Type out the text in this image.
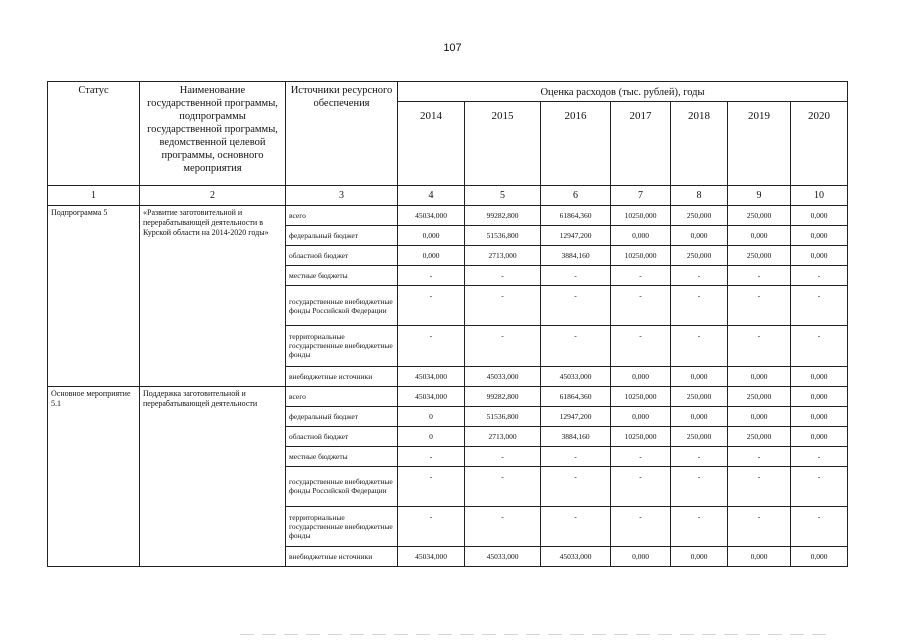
107
Статус	Наименование государственной программы, подпрограммы государственной программы, ведомственной целевой программы, основного мероприятия	Источники ресурсного обеспечения	Оценка расходов (тыс. рублей), годы						
			2014	2015	2016	2017	2018	2019	2020
1	2	3	4	5	6	7	8	9	10
Подпрограмма 5	«Развитие заготовительной и перерабатывающей деятельности в Курской области на 2014-2020 годы»	всего	45034,000	99282,800	61864,360	10250,000	250,000	250,000	0,000
		федеральный бюджет	0,000	51536,800	12947,200	0,000	0,000	0,000	0,000
		областной бюджет	0,000	2713,000	3884,160	10250,000	250,000	250,000	0,000
		местные бюджеты	-	-	-	-	-	-	-
		государственные внебюджетные фонды Российской Федерации	-	-	-	-	-	-	-
		территориальные государственные внебюджетные фонды	-	-	-	-	-	-	-
		внебюджетные источники	45034,000	45033,000	45033,000	0,000	0,000	0,000	0,000
Основное мероприятие 5.1	Поддержка заготовительной и перерабатывающей деятельности	всего	45034,000	99282,800	61864,360	10250,000	250,000	250,000	0,000
		федеральный бюджет	0	51536,800	12947,200	0,000	0,000	0,000	0,000
		областной бюджет	0	2713,000	3884,160	10250,000	250,000	250,000	0,000
		местные бюджеты	-	-	-	-	-	-	-
		государственные внебюджетные фонды Российской Федерации	-	-	-	-	-	-	-
		территориальные государственные внебюджетные фонды	-	-	-	-	-	-	-
		внебюджетные источники	45034,000	45033,000	45033,000	0,000	0,000	0,000	0,000
